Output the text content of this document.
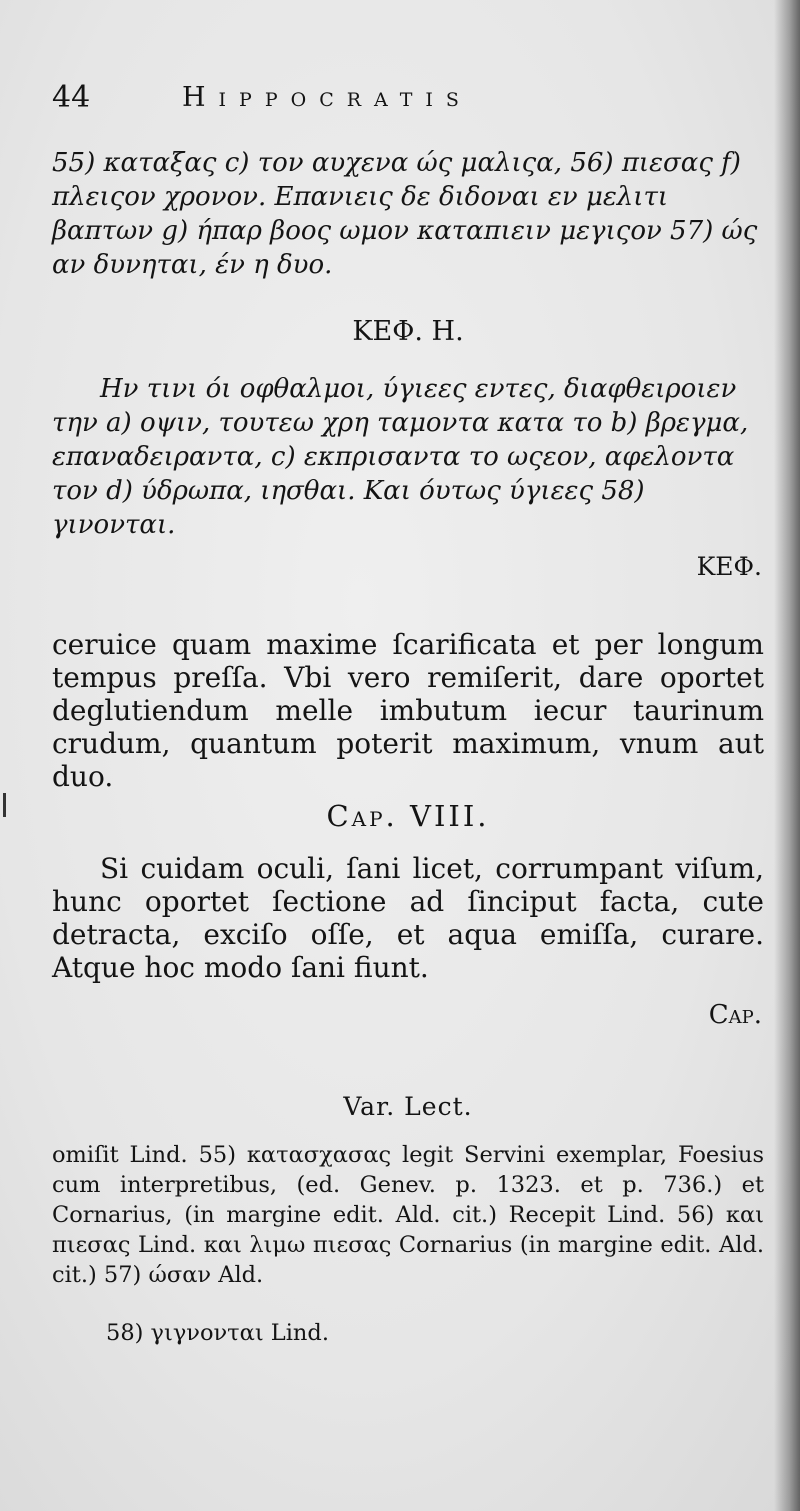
44	Hippocratis
55) καταξας c) τον αυχενα ώς μαλιςα, 56) πιεσας f) πλειςον χρονον. Επανιεις δε διδοναι εν μελιτι βαπτων g) ήπαρ βοος ωμον καταπιειν μεγιςον 57) ώς αν δυνηται, έν η δυο.
ΚΕΦ. Η.
Ην τινι όι οφθαλμοι, ύγιεες εντες, διαφθειροιεν την a) οψιν, τουτεω χρη ταμοντα κατα το b) βρεγμα, επαναδειραντα, c) εκπρισαντα το ωςεον, αφελοντα τον d) ύδρωπα, ιησθαι. Και όυτως ύγιεες 58) γινονται.
ΚΕΦ.
ceruice quam maxime ſcarificata et per longum tempus preſſa. Vbi vero remiſerit, dare oportet deglutiendum melle imbutum iecur taurinum crudum, quantum poterit maximum, vnum aut duo.
Cap. VIII.
Si cuidam oculi, ſani licet, corrumpant viſum, hunc oportet ſectione ad ſinciput facta, cute detracta, exciſo oſſe, et aqua emiſſa, curare. Atque hoc modo ſani fiunt.
Cap.
Var. Lect.
omiſit Lind. 55) κατασχασας legit Servini exemplar, Foesius cum interpretibus, (ed. Genev. p. 1323. et p. 736.) et Cornarius, (in margine edit. Ald. cit.) Recepit Lind. 56) και πιεσας Lind. και λιμω πιεσας Cornarius (in margine edit. Ald. cit.) 57) ώσαν Ald.
58) γιγνονται Lind.
